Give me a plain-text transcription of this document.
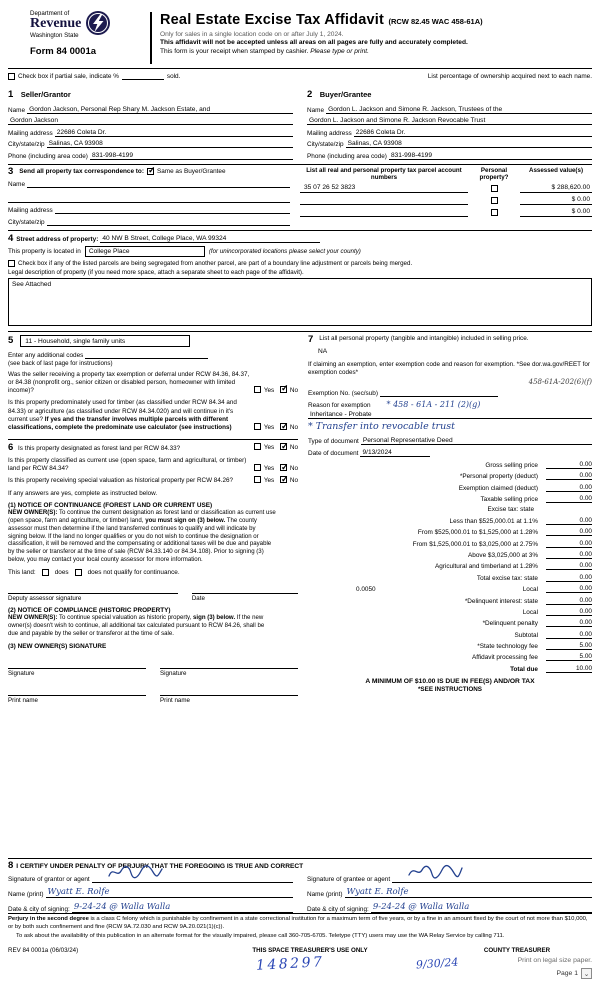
Department of
Revenue
Washington State
Form 84 0001a
Real Estate Excise Tax Affidavit (RCW 82.45 WAC 458-61A)
Only for sales in a single location code on or after July 1, 2024.
This affidavit will not be accepted unless all areas on all pages are fully and accurately completed.
This form is your receipt when stamped by cashier. Please type or print.
Check box if partial sale, indicate %	sold.	List percentage of ownership acquired next to each name.
1 Seller/Grantor
Name Gordon Jackson, Personal Rep Shary M. Jackson Estate, and
Gordon Jackson
Mailing address 22686 Coleta Dr.
City/state/zip Salinas, CA 93908
Phone (including area code) 831-998-4199
2 Buyer/Grantee
Name Gordon L. Jackson and Simone R. Jackson, Trustees of the
Gordon L. Jackson and Simone R. Jackson Revocable Trust
Mailing address 22686 Coleta Dr.
City/state/zip Salinas, CA 93908
Phone (including area code) 831-998-4199
3 Send all property tax correspondence to: ✓ Same as Buyer/Grantee
Name
Mailing address
City/state/zip
List all real and personal property tax parcel account numbers
Personal property?
Assessed value(s)
35 07 26 52 3823	$ 288,620.00
$ 0.00
$ 0.00
4 Street address of property: 40 NW B Street, College Place, WA 99324
This property is located in	College Place	(for unincorporated locations please select your county)
Check box if any of the listed parcels are being segregated from another parcel, are part of a boundary line adjustment or parcels being merged.
Legal description of property (if you need more space, attach a separate sheet to each page of the affidavit).
See Attached
5	11 - Household, single family units
Enter any additional codes
(see back of last page for instructions)
Was the seller receiving a property tax exemption or deferral under RCW 84.36, 84.37, or 84.38 (nonprofit org., senior citizen or disabled person, homeowner with limited income)?	Yes ✓ No
Is this property predominately used for timber (as classified under RCW 84.34 and 84.33) or agriculture (as classified under RCW 84.34.020) and will continue in it's current use? If yes and the transfer involves multiple parcels with different classifications, complete the predominate use calculator (see instructions)	Yes ✓ No
6 Is this property designated as forest land per RCW 84.33?	Yes ✓ No
Is this property classified as current use (open space, farm and agricultural, or timber) land per RCW 84.34?	Yes ✓ No
Is this property receiving special valuation as historical property per RCW 84.26?	Yes ✓ No
If any answers are yes, complete as instructed below.
(1) NOTICE OF CONTINUANCE (FOREST LAND OR CURRENT USE)
NEW OWNER(S): To continue the current designation as forest land or classification as current use (open space, farm and agriculture, or timber) land, you must sign on (3) below. The county assessor must then determine if the land transferred continues to qualify and will indicate by signing below. If the land no longer qualifies or you do not wish to continue the designation or classification, it will be removed and the compensating or additional taxes will be due and payable by the seller or transferor at the time of sale (RCW 84.33.140 or 84.34.108). Prior to signing (3) below, you may contact your local county assessor for more information.
This land:	does	does not qualify for continuance.
Deputy assessor signature	Date
(2) NOTICE OF COMPLIANCE (HISTORIC PROPERTY)
NEW OWNER(S): To continue special valuation as historic property, sign (3) below. If the new owner(s) doesn't wish to continue, all additional tax calculated pursuant to RCW 84.26, shall be due and payable by the seller or transferor at the time of sale.
(3) NEW OWNER(S) SIGNATURE
Signature	Signature
Print name	Print name
7 List all personal property (tangible and intangible) included in selling price.
NA
If claiming an exemption, enter exemption code and reason for exemption. *See dor.wa.gov/REET for exemption codes*
458-61A-202(6)(f)
Exemption No. (sec/sub)
Reason for exemption * 458 - 61A - 211 (2)(g)
Inheritance - Probate
* Transfer into revocable trust
Type of document Personal Representative Deed
Date of document 9/13/2024
Gross selling price	0.00
*Personal property (deduct)	0.00
Exemption claimed (deduct)	0.00
Taxable selling price	0.00
Excise tax: state
Less than $525,000.01 at 1.1%	0.00
From $525,000.01 to $1,525,000 at 1.28%	0.00
From $1,525,000.01 to $3,025,000 at 2.75%	0.00
Above $3,025,000 at 3%	0.00
Agricultural and timberland at 1.28%	0.00
Total excise tax: state	0.00
0.0050	Local	0.00
*Delinquent interest: state	0.00
Local	0.00
*Delinquent penalty	0.00
Subtotal	0.00
*State technology fee	5.00
Affidavit processing fee	5.00
Total due	10.00
A MINIMUM OF $10.00 IS DUE IN FEE(S) AND/OR TAX
*SEE INSTRUCTIONS
8 I CERTIFY UNDER PENALTY OF PERJURY THAT THE FOREGOING IS TRUE AND CORRECT
Signature of grantor or agent
Name (print) Wyatt E. Rolfe
Date & city of signing: 9-24-24 @ Walla Walla
Signature of grantee or agent
Name (print) Wyatt E. Rolfe
Date & city of signing: 9-24-24 @ Walla Walla
Perjury in the second degree is a class C felony which is punishable by confinement in a state correctional institution for a maximum term of five years, or by a fine in an amount fixed by the court of not more than $10,000, or by both such confinement and fine (RCW 9A.72.030 and RCW 9A.20.021(1)(c)).
To ask about the availability of this publication in an alternate format for the visually impaired, please call 360-705-6705. Teletype (TTY) users may use the WA Relay Service by calling 711.
REV 84 0001a (06/03/24)	THIS SPACE TREASURER'S USE ONLY	COUNTY TREASURER
148297	9/30/24	Print on legal size paper.
Page 1 ⌄
